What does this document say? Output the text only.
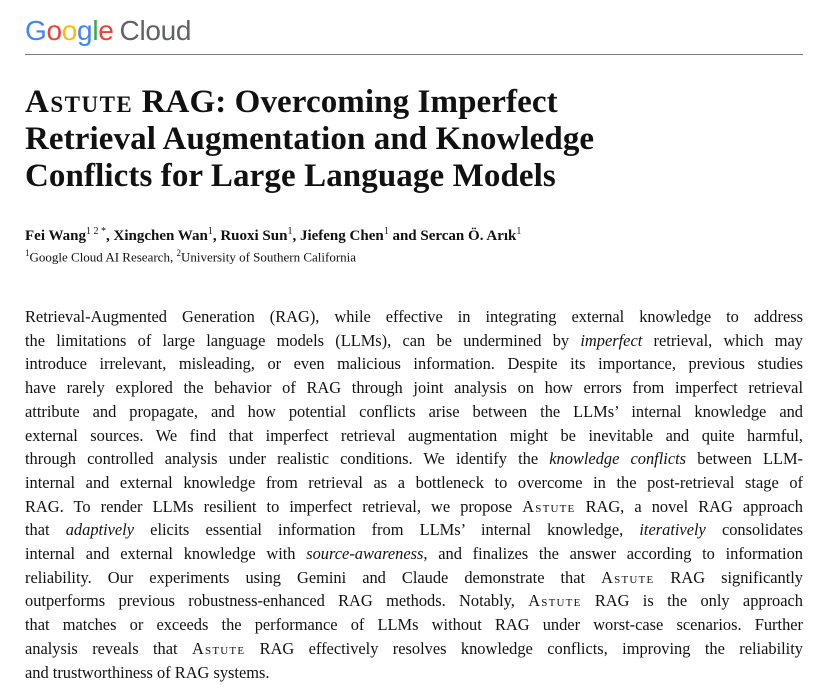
Google Cloud
Astute RAG: Overcoming Imperfect
Retrieval Augmentation and Knowledge
Conflicts for Large Language Models
Fei Wang$^{1 2 *}$, Xingchen Wan$^1$, Ruoxi Sun$^1$, Jiefeng Chen$^1$ and Sercan Ö. Arık$^1$
$^1$Google Cloud AI Research, $^2$University of Southern California
Retrieval-Augmented Generation (RAG), while effective in integrating external knowledge to address
the limitations of large language models (LLMs), can be undermined by imperfect retrieval, which may
introduce irrelevant, misleading, or even malicious information. Despite its importance, previous studies
have rarely explored the behavior of RAG through joint analysis on how errors from imperfect retrieval
attribute and propagate, and how potential conflicts arise between the LLMs’ internal knowledge and
external sources. We find that imperfect retrieval augmentation might be inevitable and quite harmful,
through controlled analysis under realistic conditions. We identify the knowledge conflicts between LLM-
internal and external knowledge from retrieval as a bottleneck to overcome in the post-retrieval stage of
RAG. To render LLMs resilient to imperfect retrieval, we propose Astute RAG, a novel RAG approach
that adaptively elicits essential information from LLMs’ internal knowledge, iteratively consolidates
internal and external knowledge with source-awareness, and finalizes the answer according to information
reliability. Our experiments using Gemini and Claude demonstrate that Astute RAG significantly
outperforms previous robustness-enhanced RAG methods. Notably, Astute RAG is the only approach
that matches or exceeds the performance of LLMs without RAG under worst-case scenarios. Further
analysis reveals that Astute RAG effectively resolves knowledge conflicts, improving the reliability
and trustworthiness of RAG systems.
